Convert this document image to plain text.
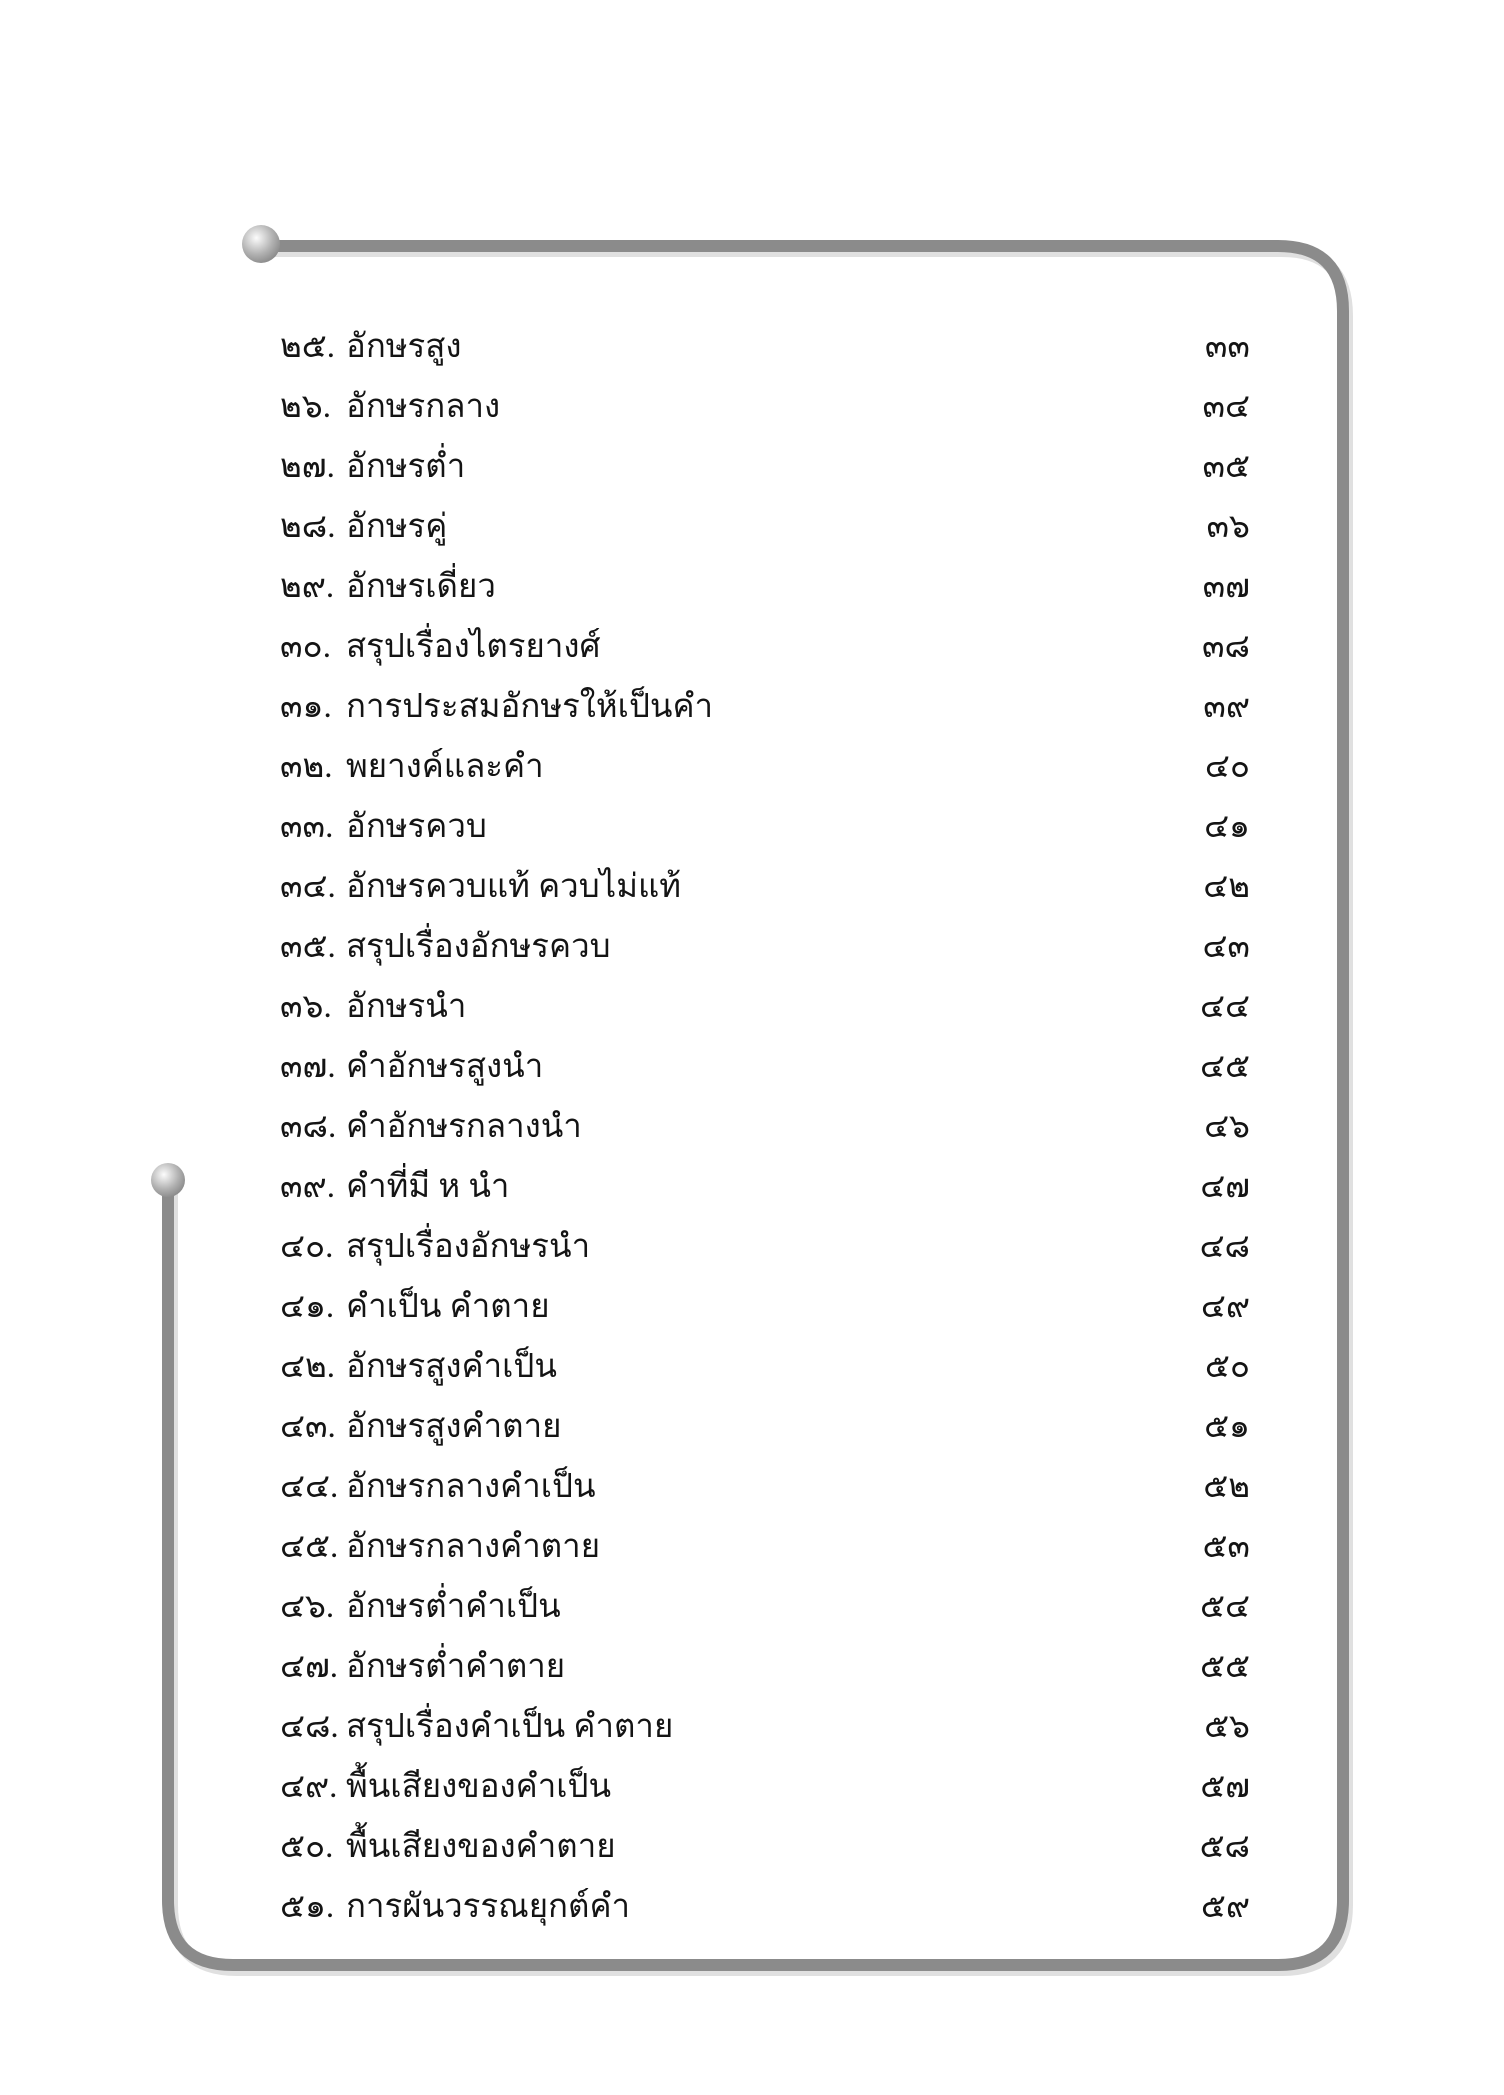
๒๕. อักษรสูง	๓๓
๒๖. อักษรกลาง	๓๔
๒๗. อักษรต่ำ	๓๕
๒๘. อักษรคู่	๓๖
๒๙. อักษรเดี่ยว	๓๗
๓๐. สรุปเรื่องไตรยางศ์	๓๘
๓๑. การประสมอักษรให้เป็นคำ	๓๙
๓๒. พยางค์และคำ	๔๐
๓๓. อักษรควบ	๔๑
๓๔. อักษรควบแท้ ควบไม่แท้	๔๒
๓๕. สรุปเรื่องอักษรควบ	๔๓
๓๖. อักษรนำ	๔๔
๓๗. คำอักษรสูงนำ	๔๕
๓๘. คำอักษรกลางนำ	๔๖
๓๙. คำที่มี ห นำ	๔๗
๔๐. สรุปเรื่องอักษรนำ	๔๘
๔๑. คำเป็น คำตาย	๔๙
๔๒. อักษรสูงคำเป็น	๕๐
๔๓. อักษรสูงคำตาย	๕๑
๔๔. อักษรกลางคำเป็น	๕๒
๔๕. อักษรกลางคำตาย	๕๓
๔๖. อักษรต่ำคำเป็น	๕๔
๔๗. อักษรต่ำคำตาย	๕๕
๔๘. สรุปเรื่องคำเป็น คำตาย	๕๖
๔๙. พื้นเสียงของคำเป็น	๕๗
๕๐. พื้นเสียงของคำตาย	๕๘
๕๑. การผันวรรณยุกต์คำ	๕๙
